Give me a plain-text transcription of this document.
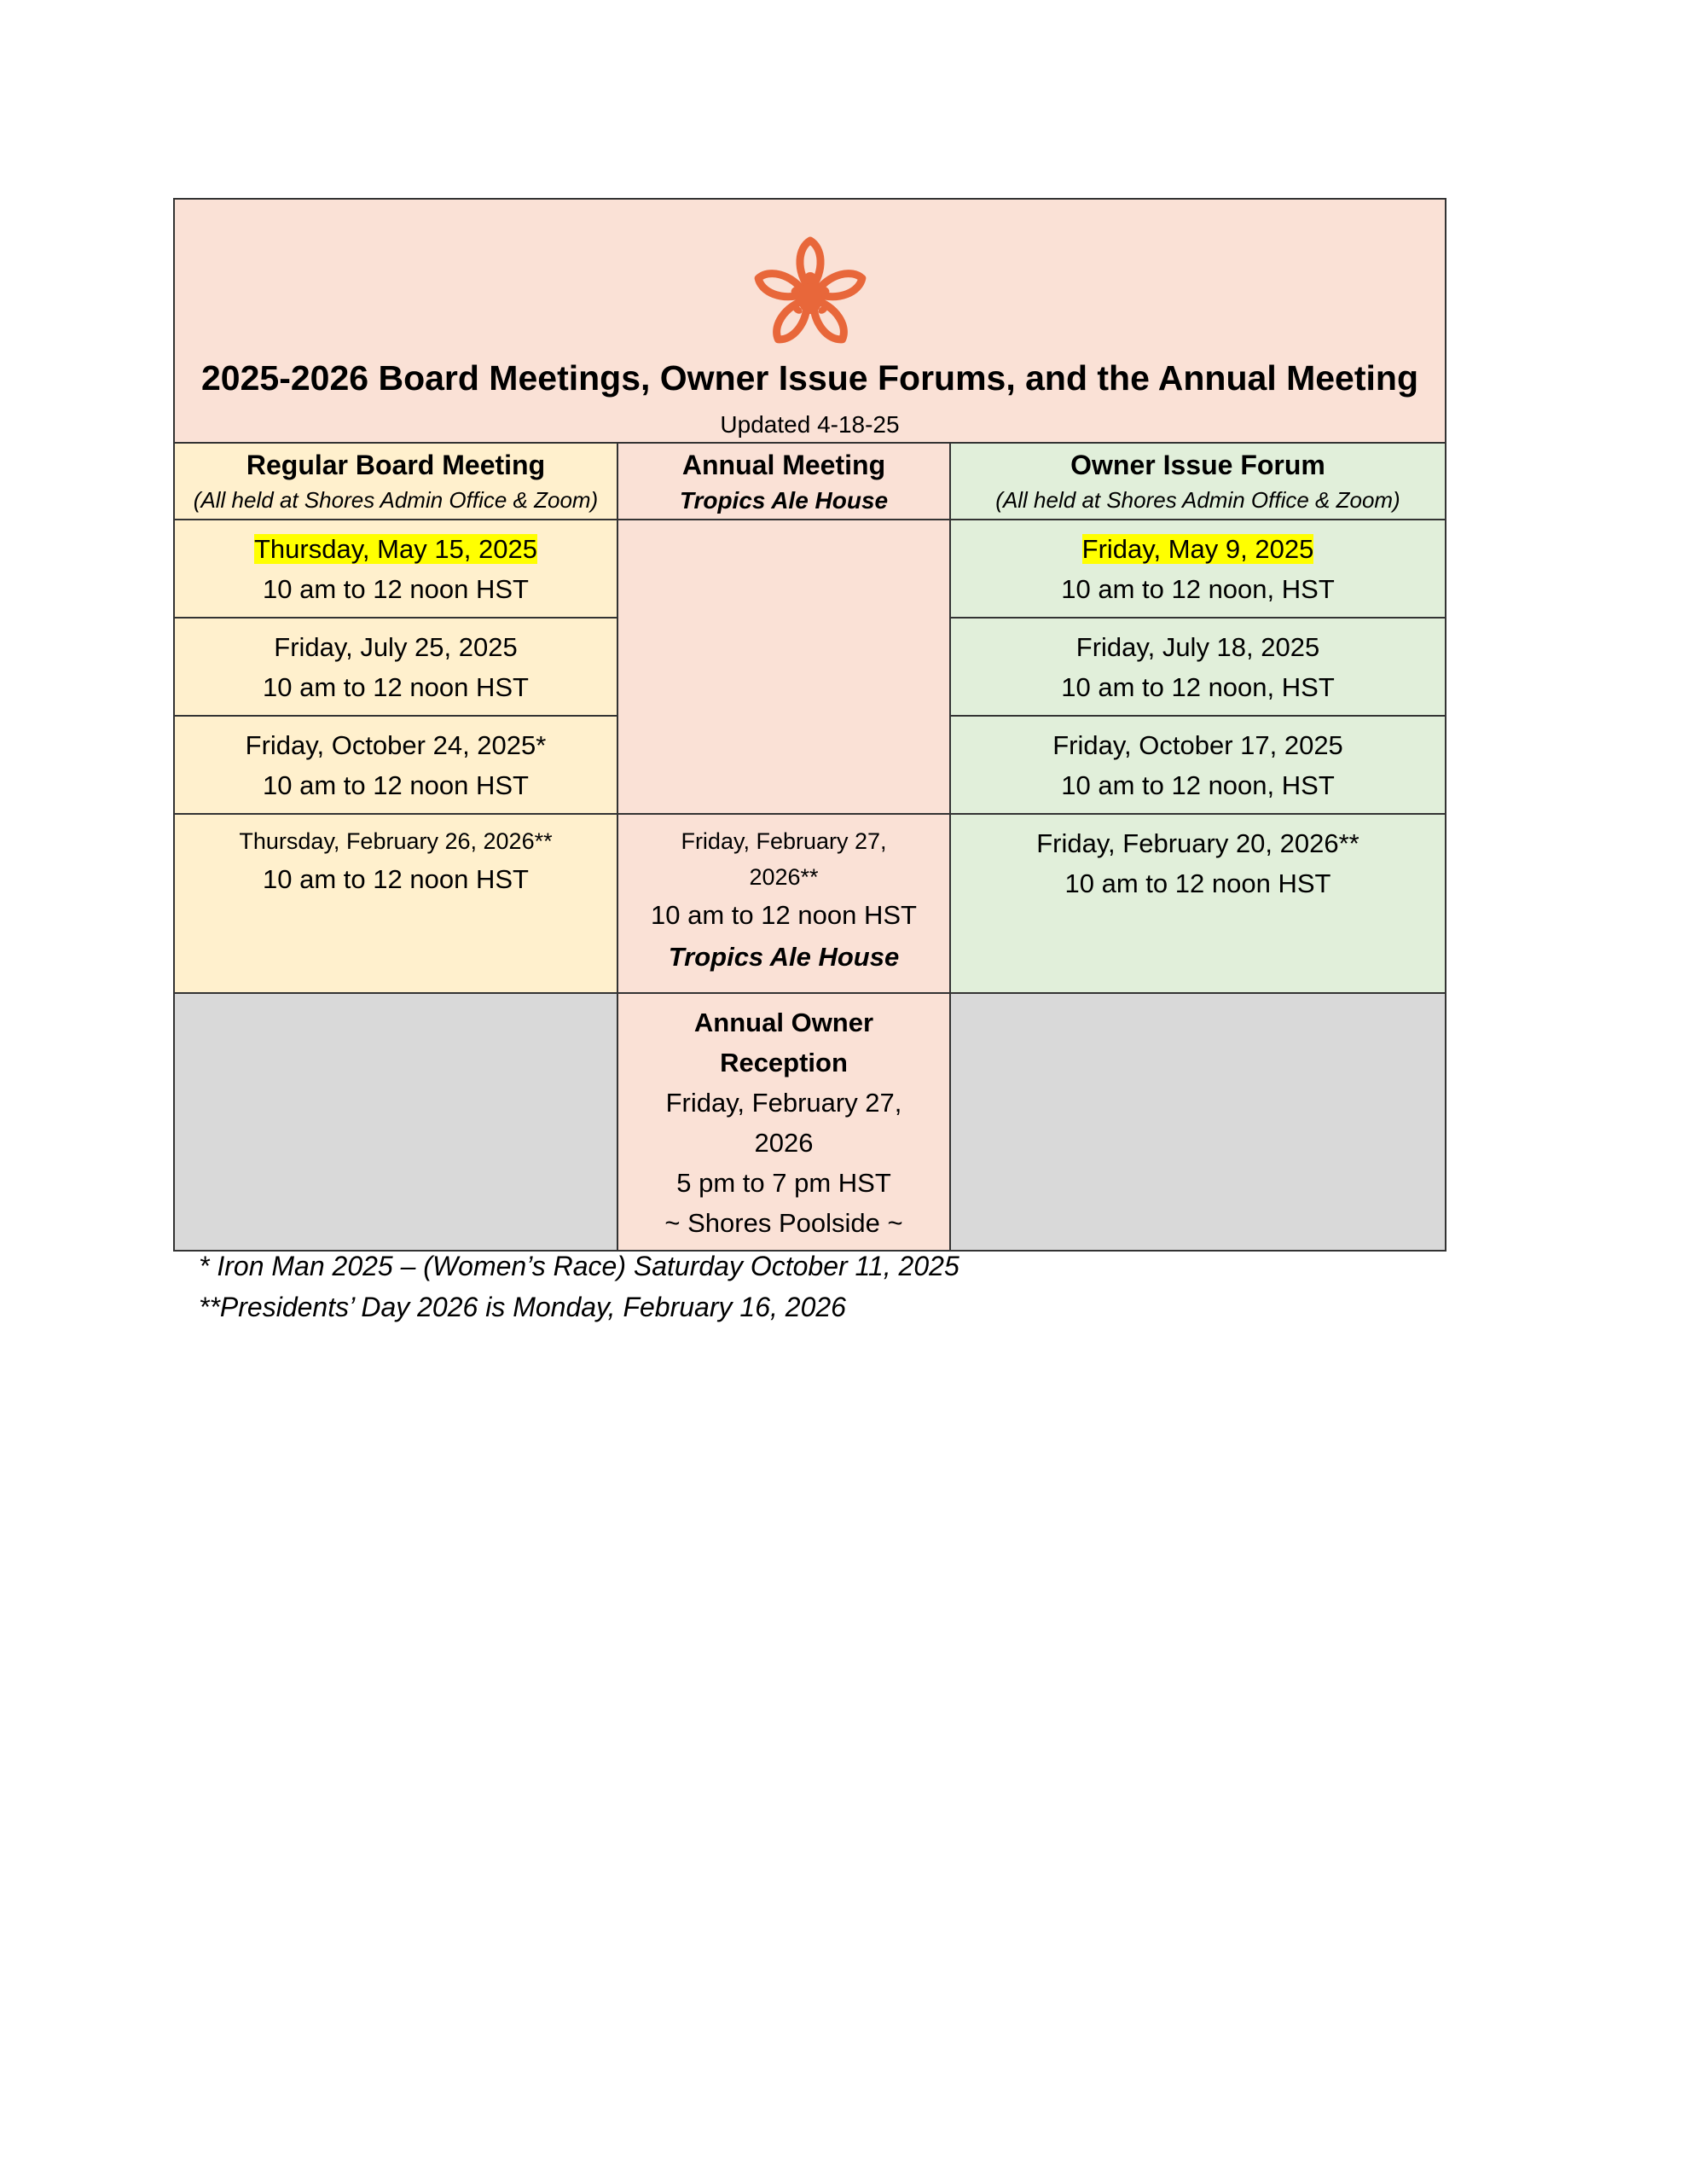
2025-2026 Board Meetings, Owner Issue Forums, and the Annual Meeting
Updated 4-18-25
Regular Board Meeting
(All held at Shores Admin Office & Zoom)
Annual Meeting
Tropics Ale House
Owner Issue Forum
(All held at Shores Admin Office & Zoom)
Thursday, May 15, 2025
10 am to 12 noon HST
Friday, May 9, 2025
10 am to 12 noon, HST
Friday, July 25, 2025
10 am to 12 noon HST
Friday, July 18, 2025
10 am to 12 noon, HST
Friday, October 24, 2025*
10 am to 12 noon HST
Friday, October 17, 2025
10 am to 12 noon, HST
Thursday, February 26, 2026**
10 am to 12 noon HST
Friday, February 27,
2026**
10 am to 12 noon HST
Tropics Ale House
Friday, February 20, 2026**
10 am to 12 noon HST
Annual Owner
Reception
Friday, February 27,
2026
5 pm to 7 pm HST
~ Shores Poolside ~
* Iron Man 2025 – (Women’s Race) Saturday October 11, 2025
**Presidents’ Day 2026 is Monday, February 16, 2026
